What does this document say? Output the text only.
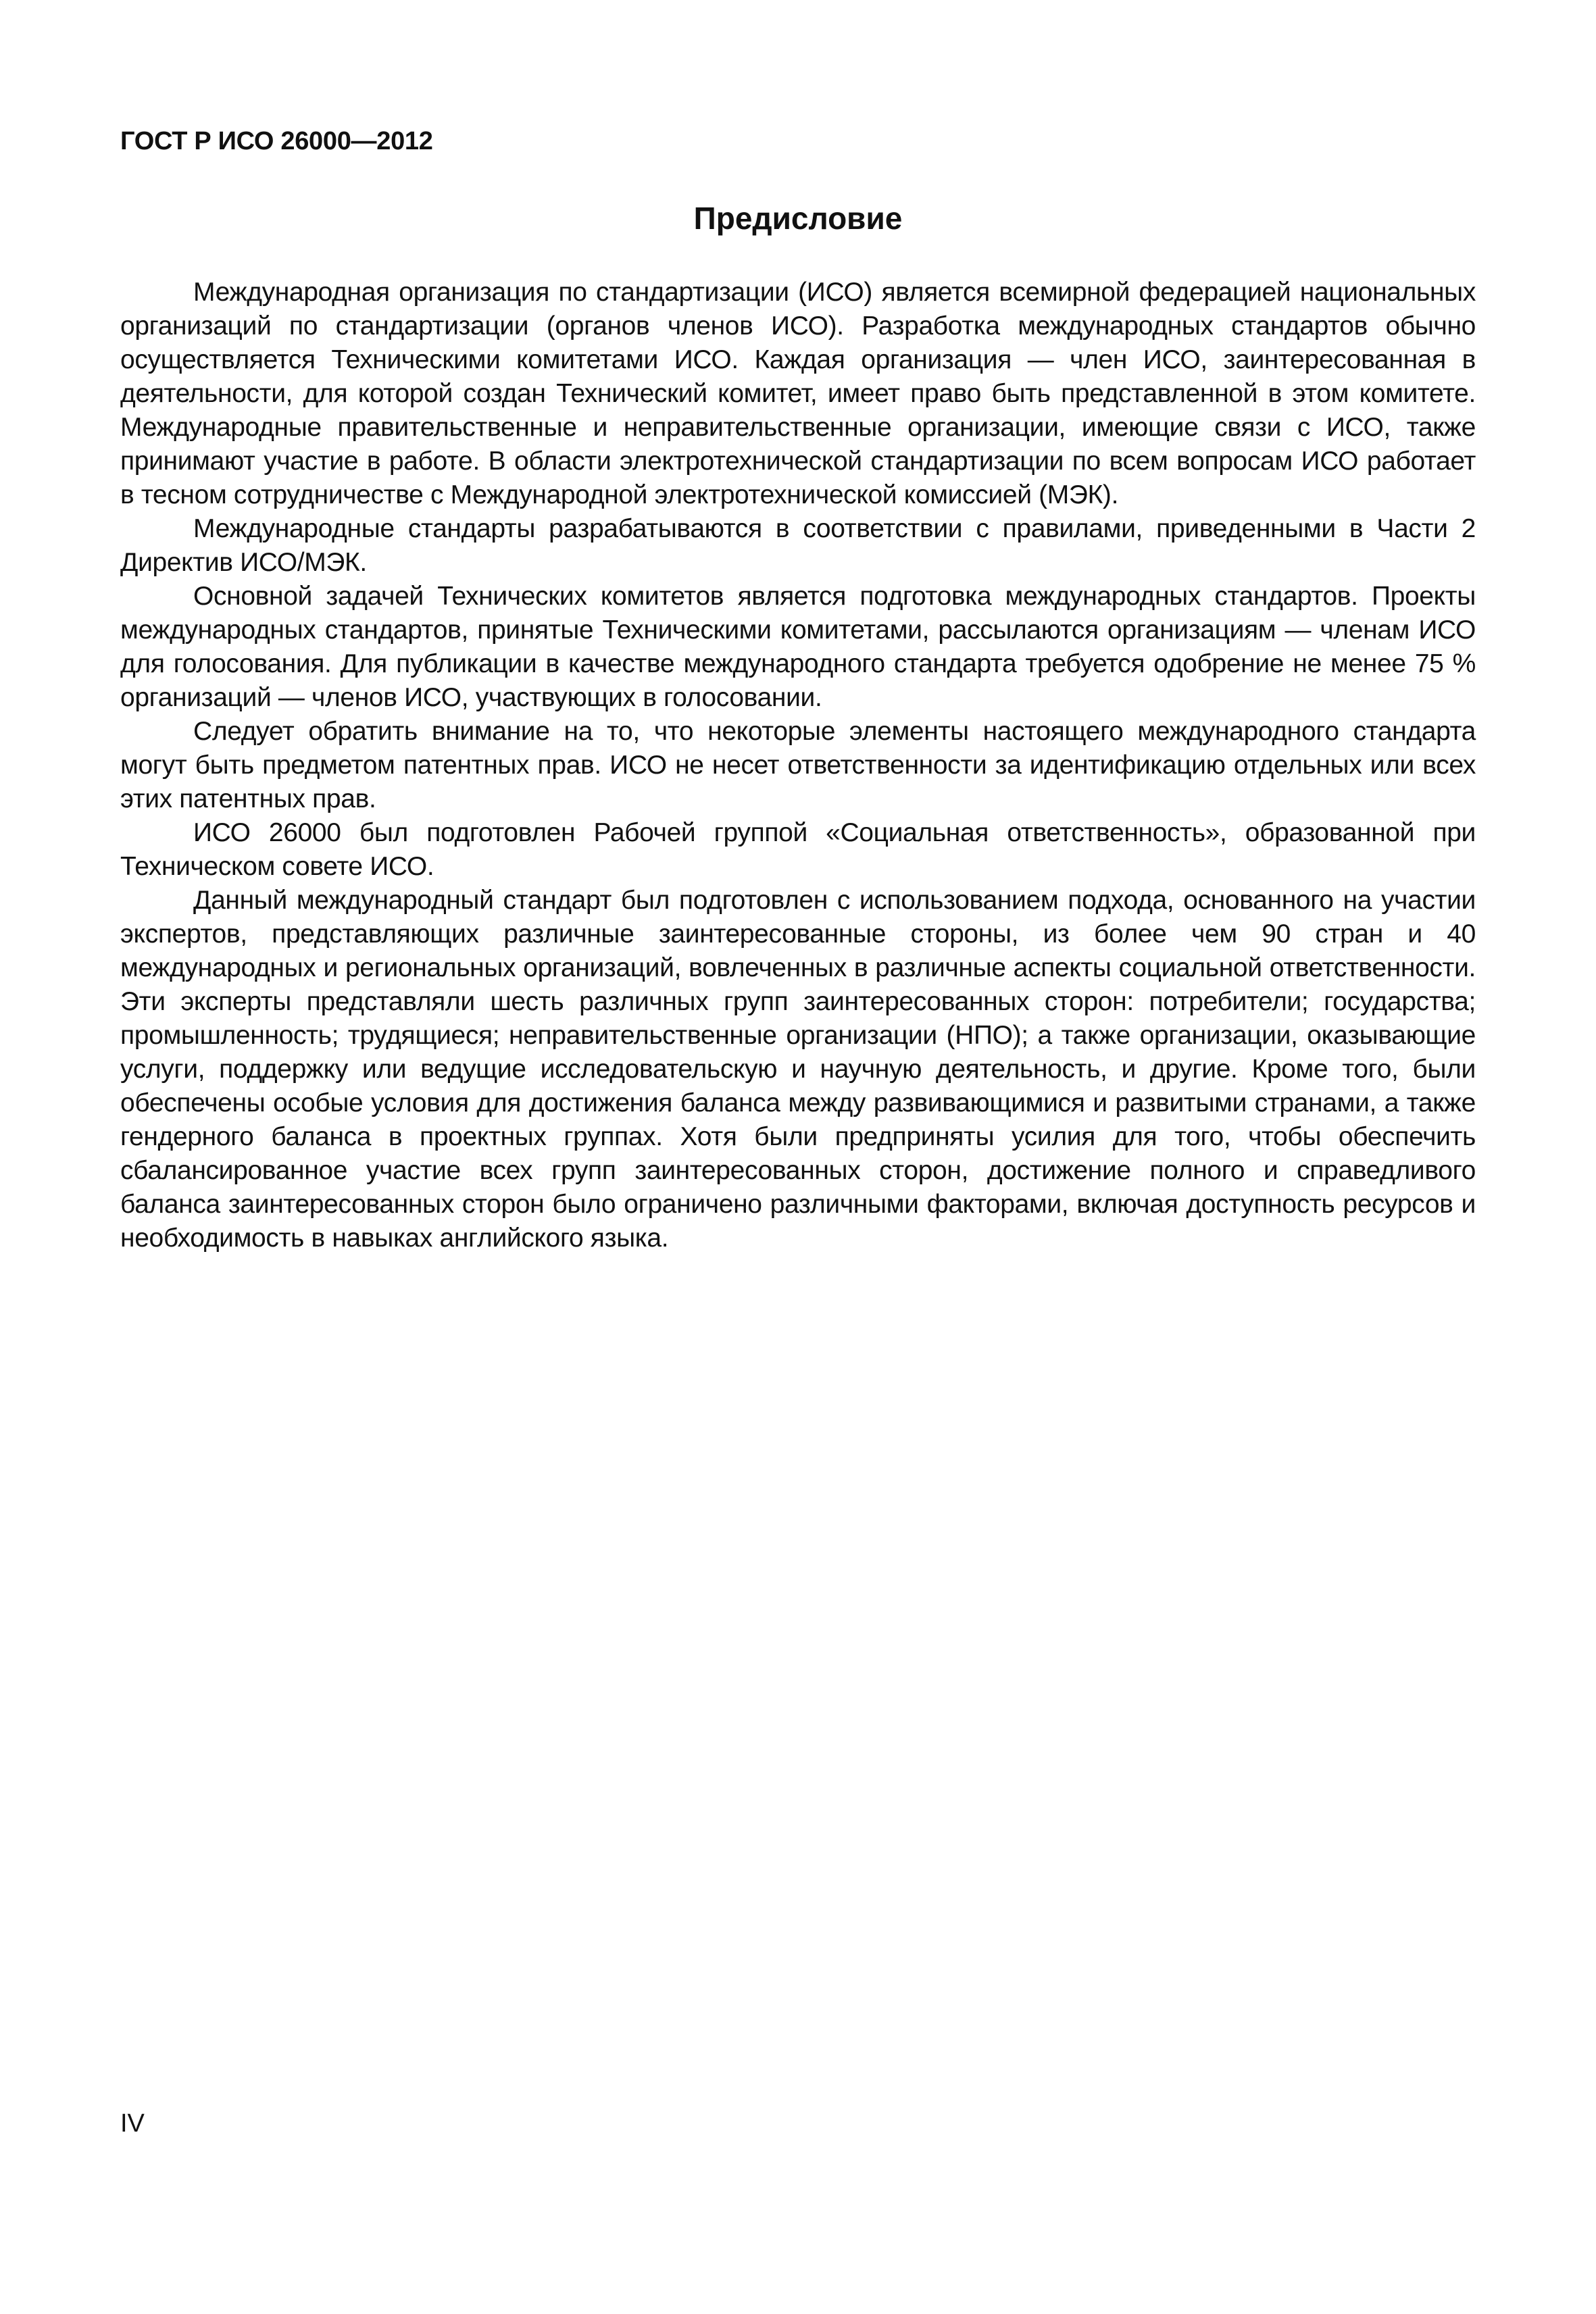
ГОСТ Р ИСО 26000—2012
Предисловие

Международная организация по стандартизации (ИСО) является всемирной федерацией национальных организаций по стандартизации (органов членов ИСО). Разработка международных стандартов обычно осуществляется Техническими комитетами ИСО. Каждая организация — член ИСО, заинтересованная в деятельности, для которой создан Технический комитет, имеет право быть представленной в этом комитете. Международные правительственные и неправительственные организации, имеющие связи с ИСО, также принимают участие в работе. В области электротехнической стандартизации по всем вопросам ИСО работает в тесном сотрудничестве с Международной электротехнической комиссией (МЭК).

Международные стандарты разрабатываются в соответствии с правилами, приведенными в Части 2 Директив ИСО/МЭК.

Основной задачей Технических комитетов является подготовка международных стандартов. Проекты международных стандартов, принятые Техническими комитетами, рассылаются организациям — членам ИСО для голосования. Для публикации в качестве международного стандарта требуется одобрение не менее 75 % организаций — членов ИСО, участвующих в голосовании.

Следует обратить внимание на то, что некоторые элементы настоящего международного стандарта могут быть предметом патентных прав. ИСО не несет ответственности за идентификацию отдельных или всех этих патентных прав.

ИСО 26000 был подготовлен Рабочей группой «Социальная ответственность», образованной при Техническом совете ИСО.

Данный международный стандарт был подготовлен с использованием подхода, основанного на участии экспертов, представляющих различные заинтересованные стороны, из более чем 90 стран и 40 международных и региональных организаций, вовлеченных в различные аспекты социальной ответственности. Эти эксперты представляли шесть различных групп заинтересованных сторон: потребители; государства; промышленность; трудящиеся; неправительственные организации (НПО); а также организации, оказывающие услуги, поддержку или ведущие исследовательскую и научную деятельность, и другие. Кроме того, были обеспечены особые условия для достижения баланса между развивающимися и развитыми странами, а также гендерного баланса в проектных группах. Хотя были предприняты усилия для того, чтобы обеспечить сбалансированное участие всех групп заинтересованных сторон, достижение полного и справедливого баланса заинтересованных сторон было ограничено различными факторами, включая доступность ресурсов и необходимость в навыках английского языка.

IV
